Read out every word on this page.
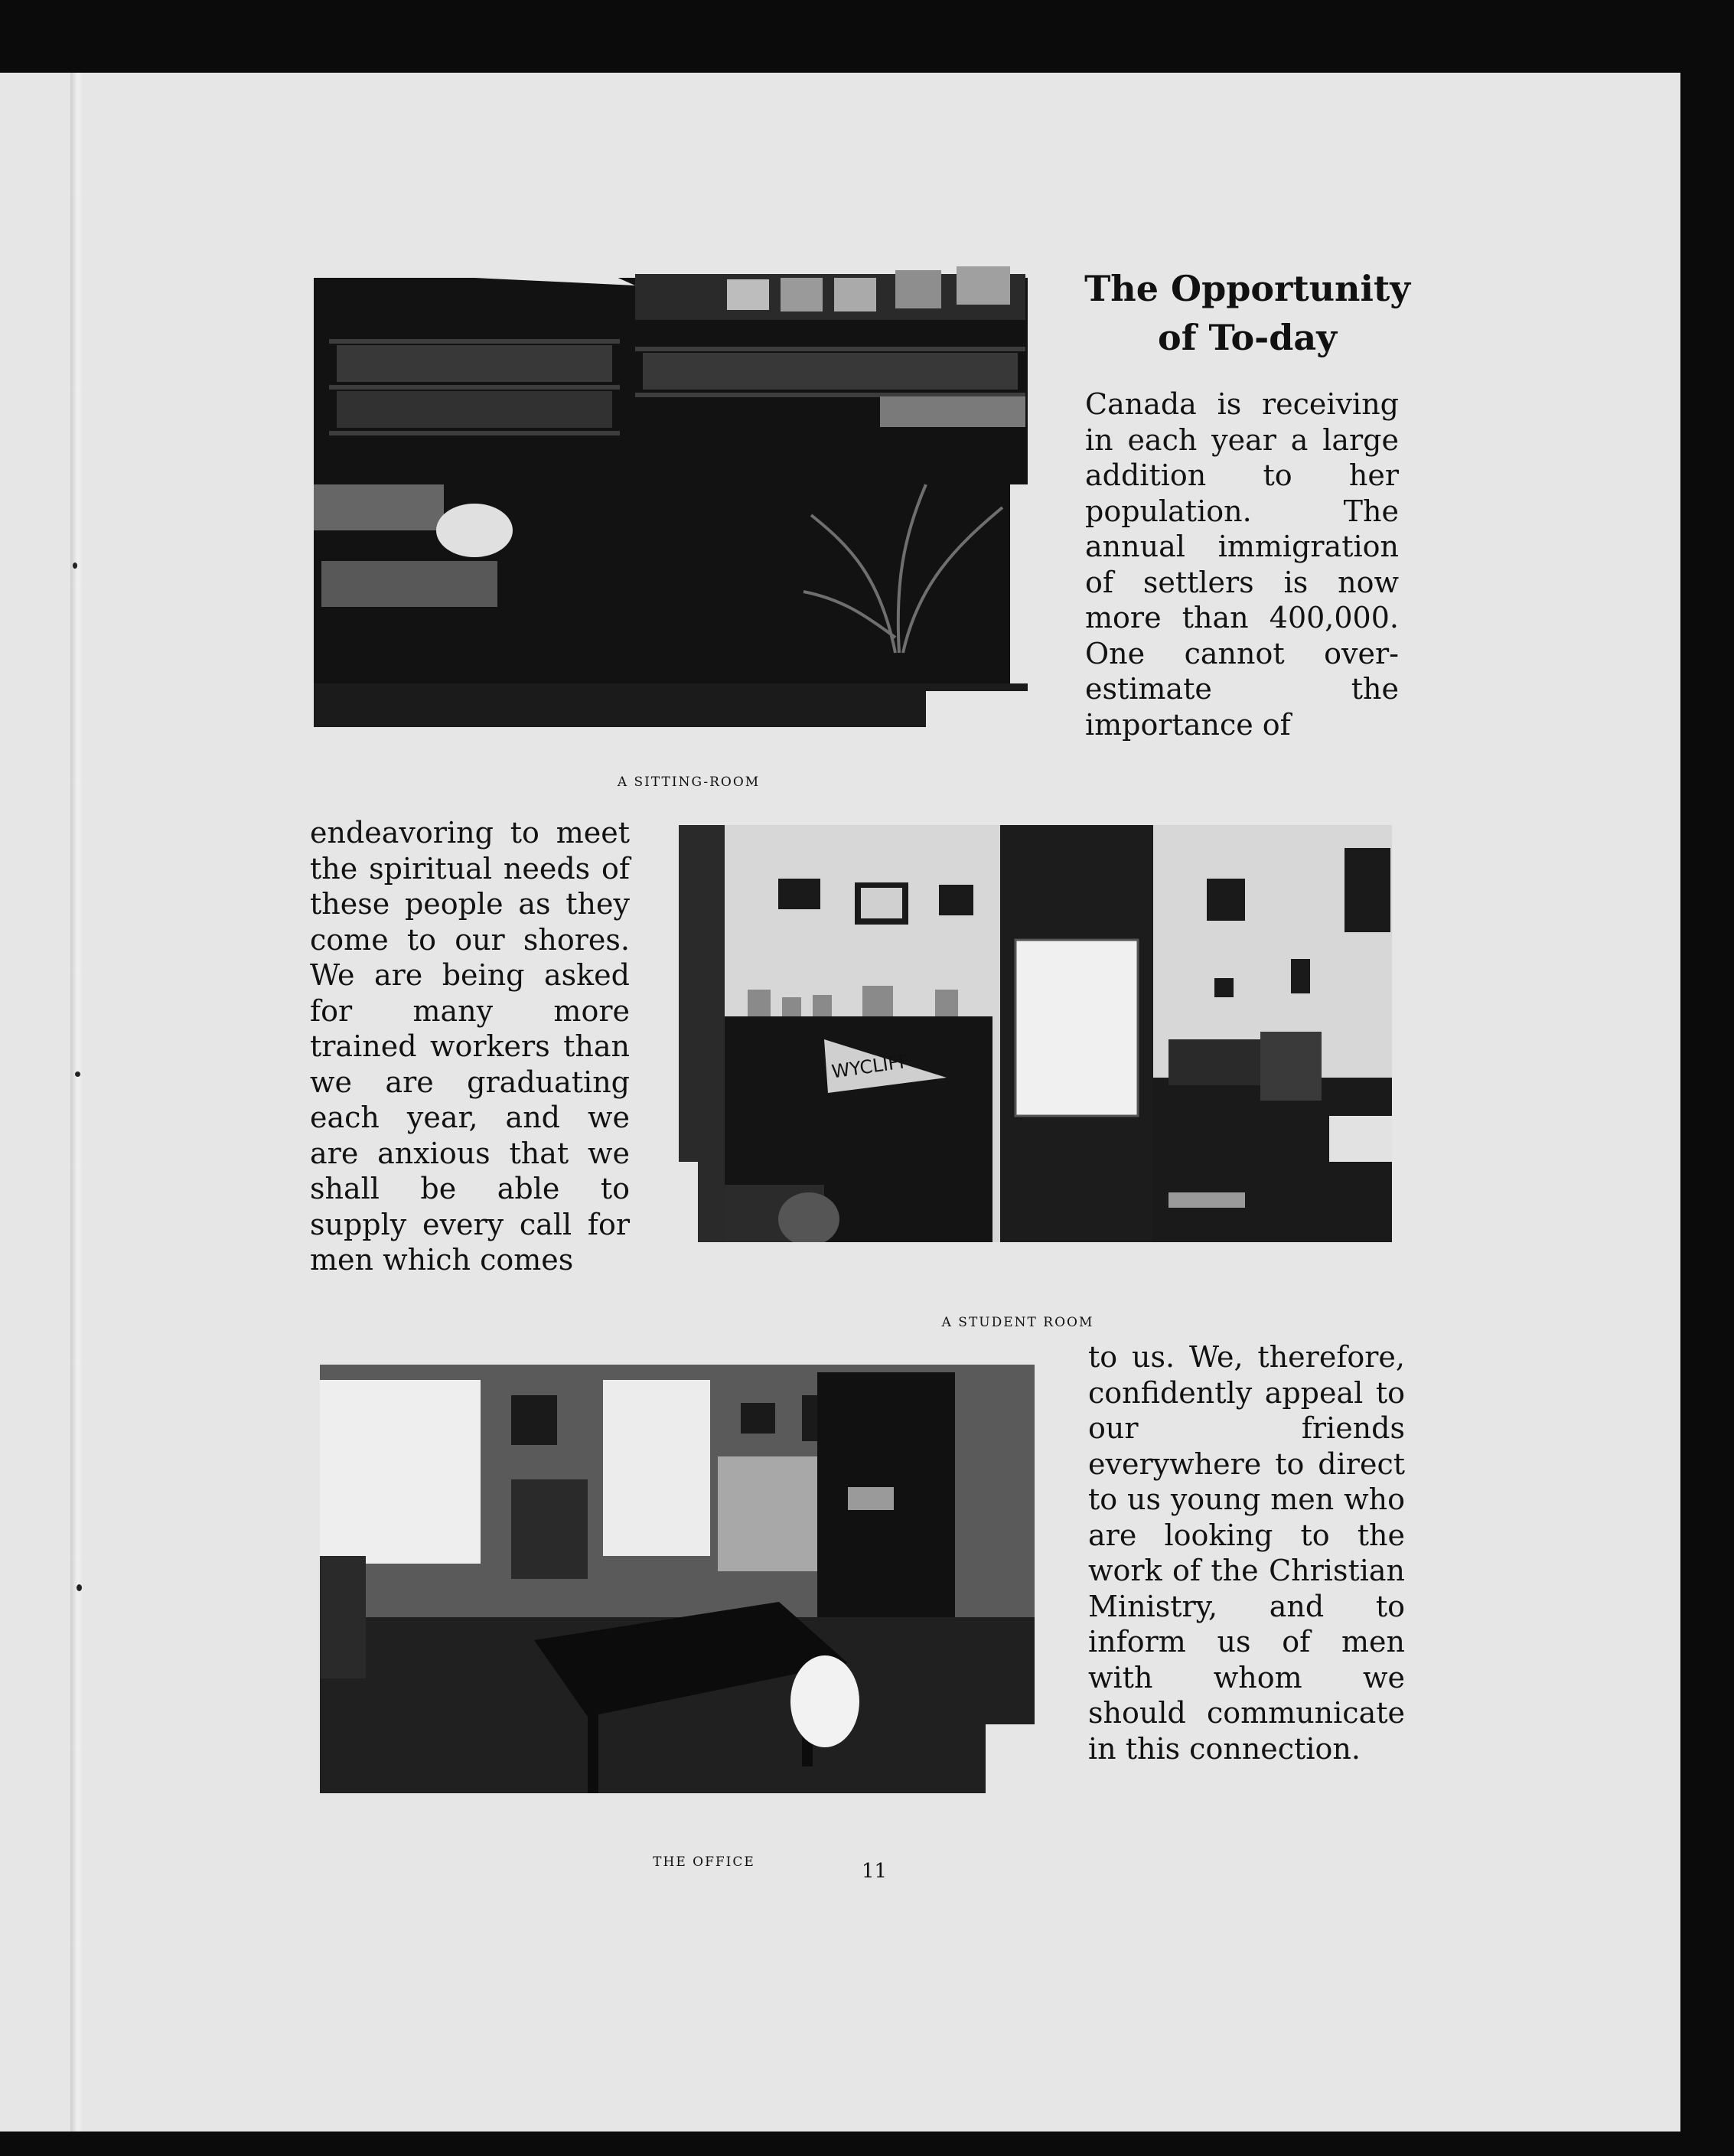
A SITTING-ROOM
WYCLIFF
A STUDENT ROOM
THE OFFICE
The Opportunity
of To-day

Canada is receiving in each year a large addition to her population. The annual immigration of settlers is now more than 400,000. One cannot over-estimate the importance of

endeavoring to meet the spiritual needs of these people as they come to our shores. We are being asked for many more trained workers than we are graduating each year, and we are anxious that we shall be able to supply every call for men which comes

to us. We, therefore, confidently appeal to our friends everywhere to direct to us young men who are looking to the work of the Christian Ministry, and to inform us of men with whom we should communicate in this connection.

11
